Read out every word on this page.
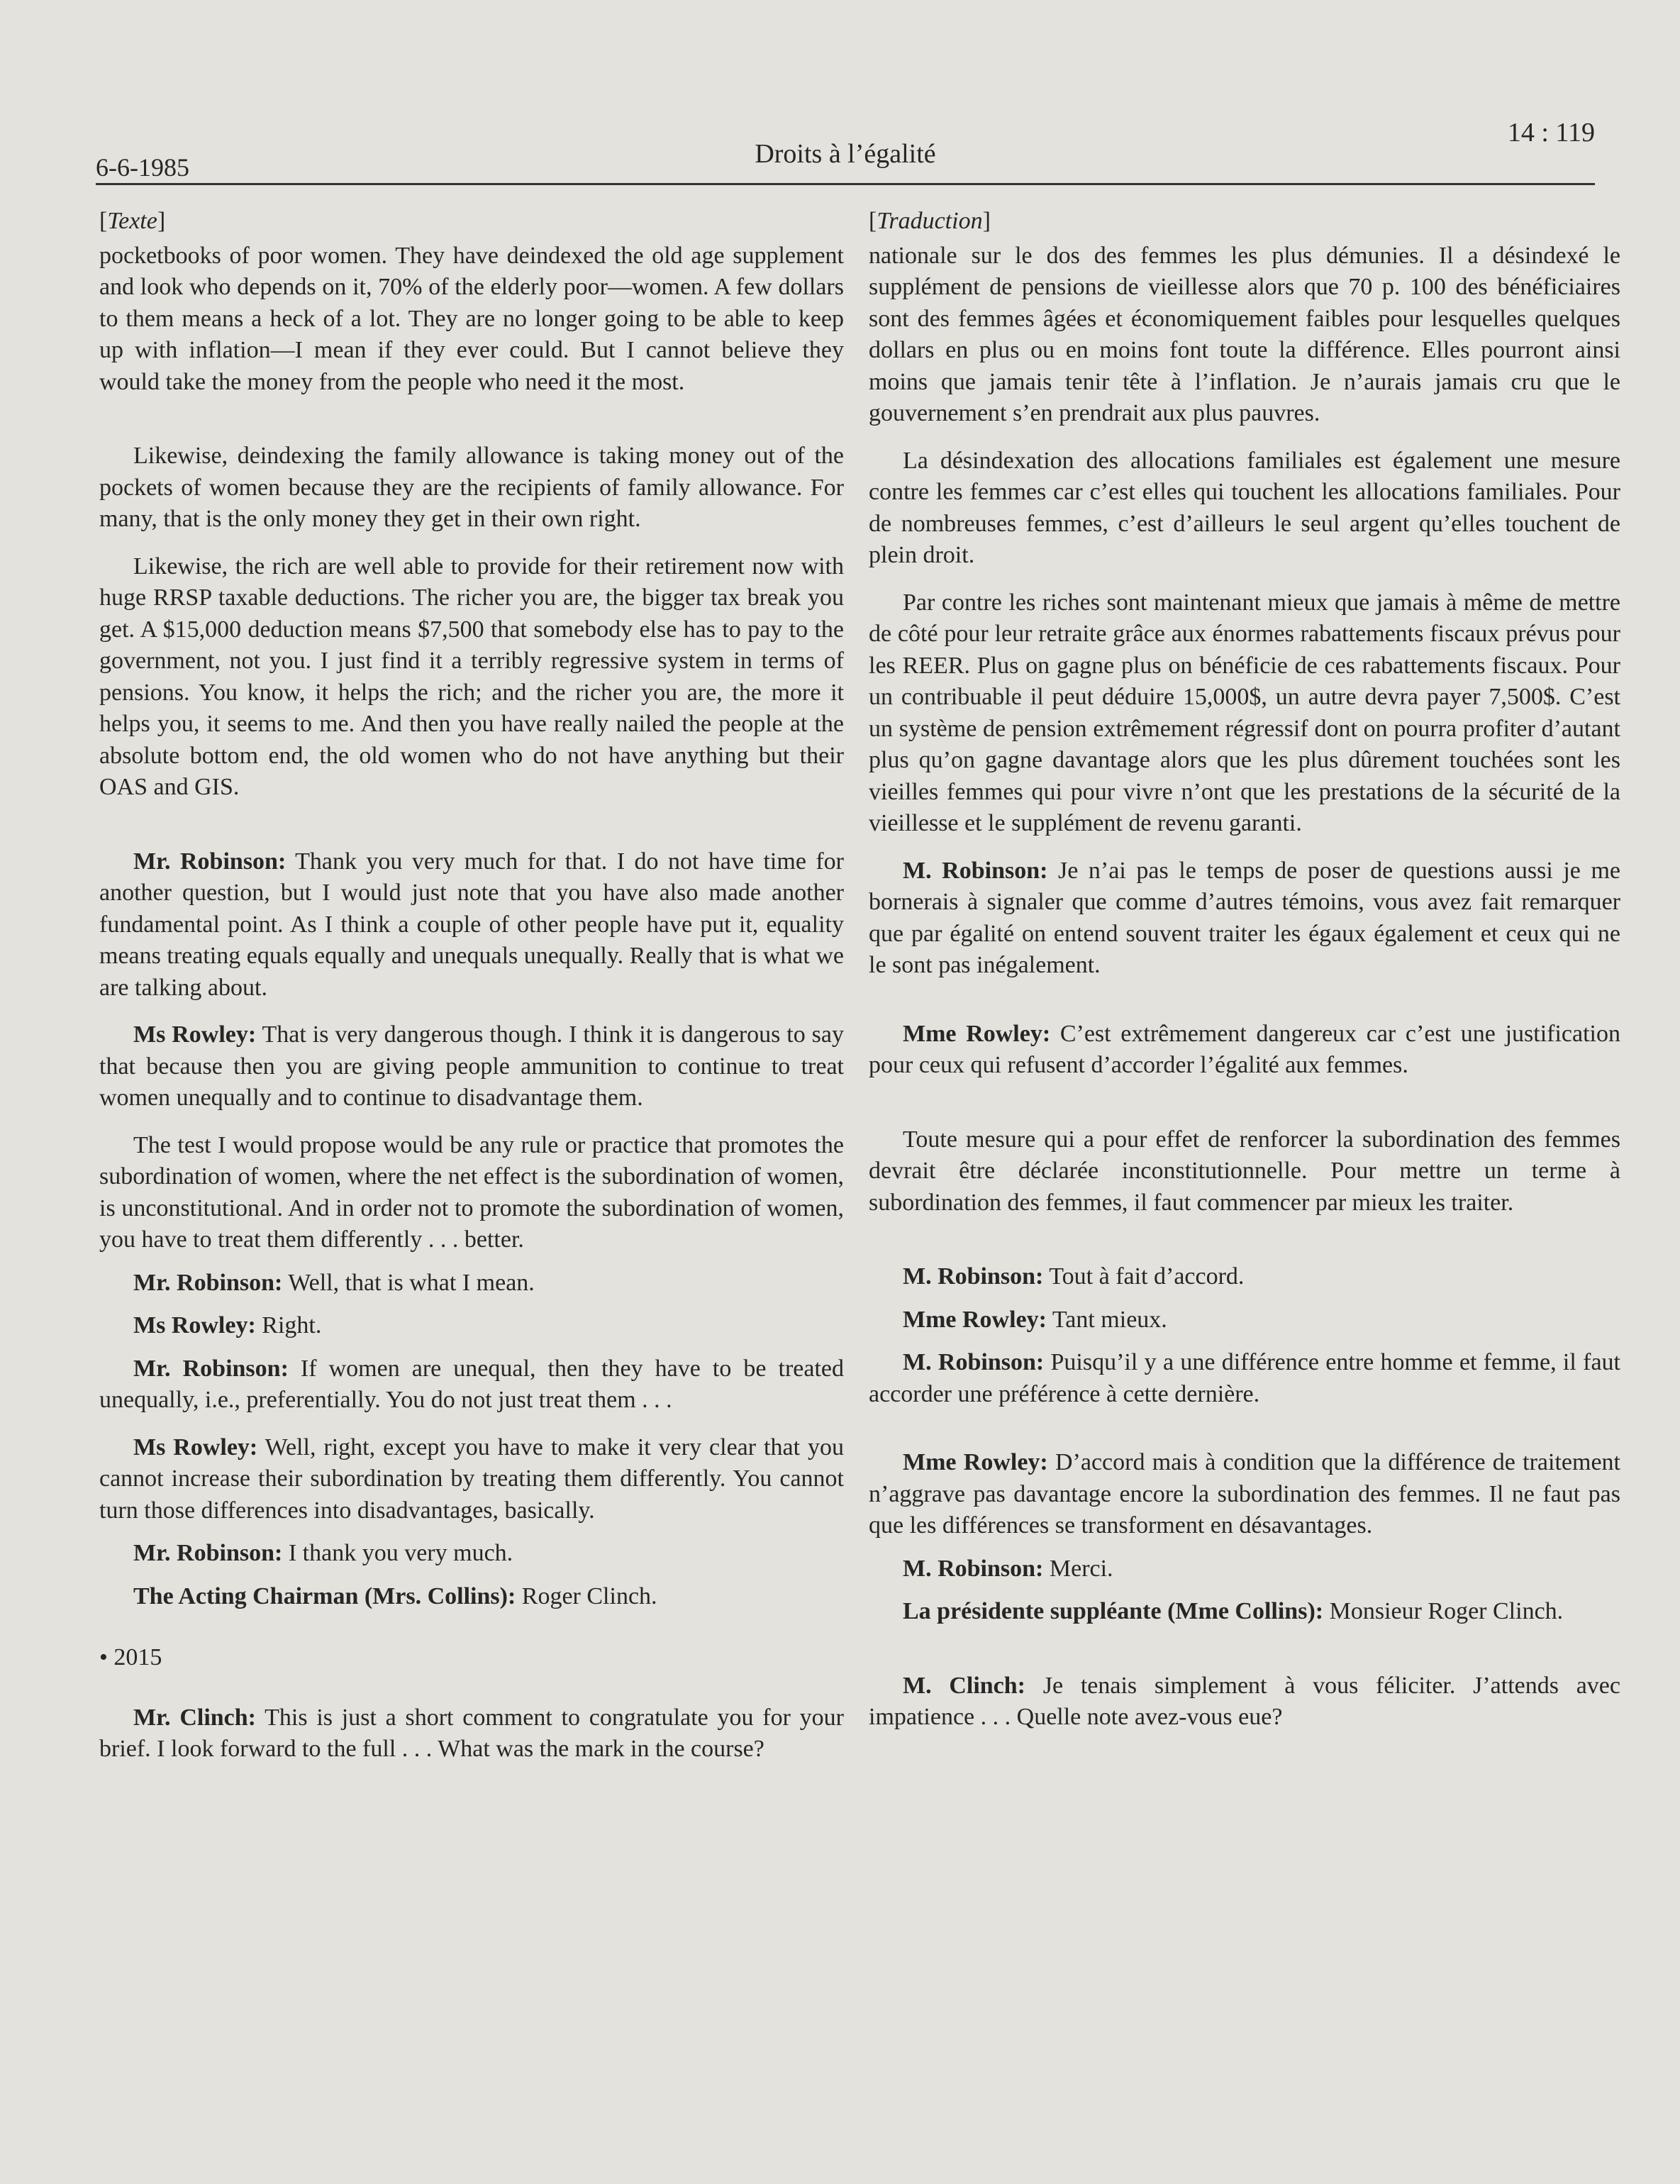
6-6-1985	Droits à l’égalité
14 : 119
[Texte]

pocketbooks of poor women. They have deindexed the old age supplement and look who depends on it, 70% of the elderly poor—women. A few dollars to them means a heck of a lot. They are no longer going to be able to keep up with inflation—I mean if they ever could. But I cannot believe they would take the money from the people who need it the most.

Likewise, deindexing the family allowance is taking money out of the pockets of women because they are the recipients of family allowance. For many, that is the only money they get in their own right.

Likewise, the rich are well able to provide for their retirement now with huge RRSP taxable deductions. The richer you are, the bigger tax break you get. A $15,000 deduction means $7,500 that somebody else has to pay to the government, not you. I just find it a terribly regressive system in terms of pensions. You know, it helps the rich; and the richer you are, the more it helps you, it seems to me. And then you have really nailed the people at the absolute bottom end, the old women who do not have anything but their OAS and GIS.

Mr. Robinson: Thank you very much for that. I do not have time for another question, but I would just note that you have also made another fundamental point. As I think a couple of other people have put it, equality means treating equals equally and unequals unequally. Really that is what we are talking about.

Ms Rowley: That is very dangerous though. I think it is dangerous to say that because then you are giving people ammunition to continue to treat women unequally and to continue to disadvantage them.

The test I would propose would be any rule or practice that promotes the subordination of women, where the net effect is the subordination of women, is unconstitutional. And in order not to promote the subordination of women, you have to treat them differently . . . better.

Mr. Robinson: Well, that is what I mean.

Ms Rowley: Right.

Mr. Robinson: If women are unequal, then they have to be treated unequally, i.e., preferentially. You do not just treat them . . .

Ms Rowley: Well, right, except you have to make it very clear that you cannot increase their subordination by treating them differently. You cannot turn those differences into disadvantages, basically.

Mr. Robinson: I thank you very much.

The Acting Chairman (Mrs. Collins): Roger Clinch.

• 2015

Mr. Clinch: This is just a short comment to congratulate you for your brief. I look forward to the full . . . What was the mark in the course?

[Traduction]

nationale sur le dos des femmes les plus démunies. Il a désindexé le supplément de pensions de vieillesse alors que 70 p. 100 des bénéficiaires sont des femmes âgées et économiquement faibles pour lesquelles quelques dollars en plus ou en moins font toute la différence. Elles pourront ainsi moins que jamais tenir tête à l’inflation. Je n’aurais jamais cru que le gouvernement s’en prendrait aux plus pauvres.

La désindexation des allocations familiales est également une mesure contre les femmes car c’est elles qui touchent les allocations familiales. Pour de nombreuses femmes, c’est d’ailleurs le seul argent qu’elles touchent de plein droit.

Par contre les riches sont maintenant mieux que jamais à même de mettre de côté pour leur retraite grâce aux énormes rabattements fiscaux prévus pour les REER. Plus on gagne plus on bénéficie de ces rabattements fiscaux. Pour un contribuable il peut déduire 15,000$, un autre devra payer 7,500$. C’est un système de pension extrêmement régressif dont on pourra profiter d’autant plus qu’on gagne davantage alors que les plus dûrement touchées sont les vieilles femmes qui pour vivre n’ont que les prestations de la sécurité de la vieillesse et le supplément de revenu garanti.

M. Robinson: Je n’ai pas le temps de poser de questions aussi je me bornerais à signaler que comme d’autres témoins, vous avez fait remarquer que par égalité on entend souvent traiter les égaux également et ceux qui ne le sont pas inégalement.

Mme Rowley: C’est extrêmement dangereux car c’est une justification pour ceux qui refusent d’accorder l’égalité aux femmes.

Toute mesure qui a pour effet de renforcer la subordination des femmes devrait être déclarée inconstitutionnelle. Pour mettre un terme à subordination des femmes, il faut commencer par mieux les traiter.

M. Robinson: Tout à fait d’accord.

Mme Rowley: Tant mieux.

M. Robinson: Puisqu’il y a une différence entre homme et femme, il faut accorder une préférence à cette dernière.

Mme Rowley: D’accord mais à condition que la différence de traitement n’aggrave pas davantage encore la subordination des femmes. Il ne faut pas que les différences se transforment en désavantages.

M. Robinson: Merci.

La présidente suppléante (Mme Collins): Monsieur Roger Clinch.

M. Clinch: Je tenais simplement à vous féliciter. J’attends avec impatience . . . Quelle note avez-vous eue?
